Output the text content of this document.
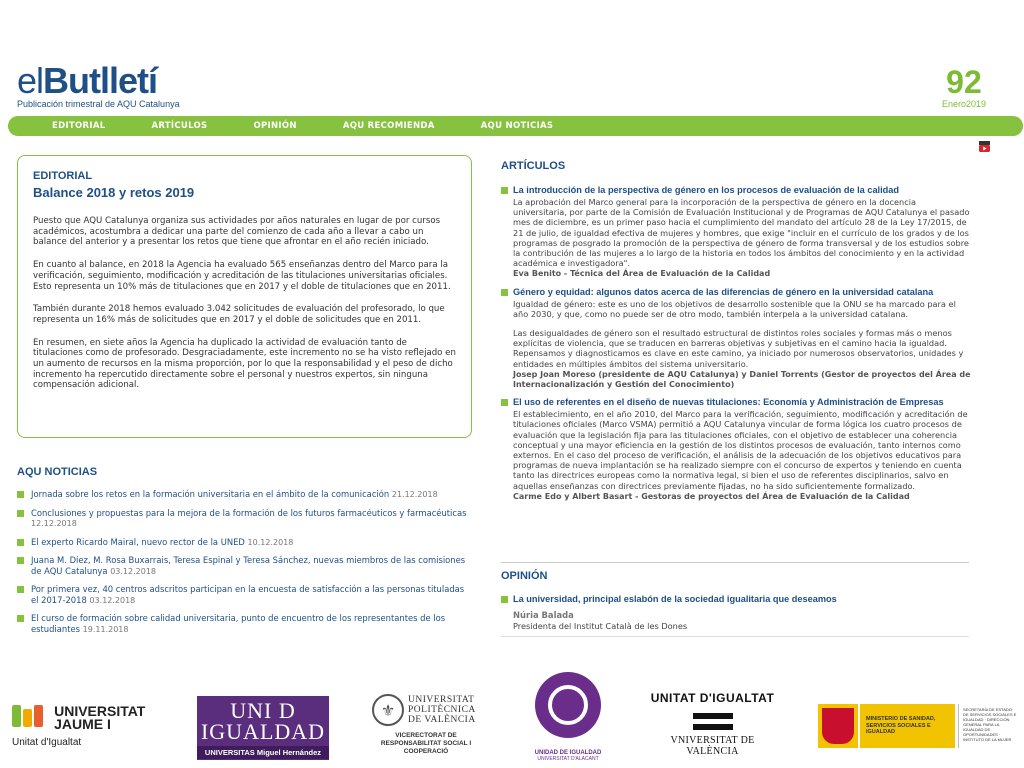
elButlletí
Publicación trimestral de AQU Catalunya
92
Enero2019
EDITORIAL	ARTÍCULOS	OPINIÓN	AQU RECOMIENDA	AQU NOTICIAS
EDITORIAL
Balance 2018 y retos 2019

Puesto que AQU Catalunya organiza sus actividades por años naturales en lugar de por cursos académicos, acostumbra a dedicar una parte del comienzo de cada año a llevar a cabo un balance del anterior y a presentar los retos que tiene que afrontar en el año recién iniciado.

En cuanto al balance, en 2018 la Agencia ha evaluado 565 enseñanzas dentro del Marco para la verificación, seguimiento, modificación y acreditación de las titulaciones universitarias oficiales. Esto representa un 10% más de titulaciones que en 2017 y el doble de titulaciones que en 2011.

También durante 2018 hemos evaluado 3.042 solicitudes de evaluación del profesorado, lo que representa un 16% más de solicitudes que en 2017 y el doble de solicitudes que en 2011.

En resumen, en siete años la Agencia ha duplicado la actividad de evaluación tanto de titulaciones como de profesorado. Desgraciadamente, este incremento no se ha visto reflejado en un aumento de recursos en la misma proporción, por lo que la responsabilidad y el peso de dicho incremento ha repercutido directamente sobre el personal y nuestros expertos, sin ninguna compensación adicional.

AQU NOTICIAS
Jornada sobre los retos en la formación universitaria en el ámbito de la comunicación 21.12.2018
Conclusiones y propuestas para la mejora de la formación de los futuros farmacéuticos y farmacéuticas 12.12.2018
El experto Ricardo Mairal, nuevo rector de la UNED 10.12.2018
Juana M. Díez, M. Rosa Buxarrais, Teresa Espinal y Teresa Sánchez, nuevas miembros de las comisiones de AQU Catalunya 03.12.2018
Por primera vez, 40 centros adscritos participan en la encuesta de satisfacción a las personas tituladas el 2017-2018 03.12.2018
El curso de formación sobre calidad universitaria, punto de encuentro de los representantes de los estudiantes 19.11.2018
ARTÍCULOS
La introducción de la perspectiva de género en los procesos de evaluación de la calidad
La aprobación del Marco general para la incorporación de la perspectiva de género en la docencia universitaria, por parte de la Comisión de Evaluación Institucional y de Programas de AQU Catalunya el pasado mes de diciembre, es un primer paso hacia el cumplimiento del mandato del artículo 28 de la Ley 17/2015, de 21 de julio, de igualdad efectiva de mujeres y hombres, que exige "incluir en el currículo de los grados y de los programas de posgrado la promoción de la perspectiva de género de forma transversal y de los estudios sobre la contribución de las mujeres a lo largo de la historia en todos los ámbitos del conocimiento y en la actividad académica e investigadora".
Eva Benito - Técnica del Área de Evaluación de la Calidad
Género y equidad: algunos datos acerca de las diferencias de género en la universidad catalana
Igualdad de género: este es uno de los objetivos de desarrollo sostenible que la ONU se ha marcado para el año 2030, y que, como no puede ser de otro modo, también interpela a la universidad catalana.
Las desigualdades de género son el resultado estructural de distintos roles sociales y formas más o menos explícitas de violencia, que se traducen en barreras objetivas y subjetivas en el camino hacia la igualdad. Repensamos y diagnosticamos es clave en este camino, ya iniciado por numerosos observatorios, unidades y entidades en múltiples ámbitos del sistema universitario.
Josep Joan Moreso (presidente de AQU Catalunya) y Daniel Torrents (Gestor de proyectos del Área de Internacionalización y Gestión del Conocimiento)
El uso de referentes en el diseño de nuevas titulaciones: Economía y Administración de Empresas
El establecimiento, en el año 2010, del Marco para la verificación, seguimiento, modificación y acreditación de titulaciones oficiales (Marco VSMA) permitió a AQU Catalunya vincular de forma lógica los cuatro procesos de evaluación que la legislación fija para las titulaciones oficiales, con el objetivo de establecer una coherencia conceptual y una mayor eficiencia en la gestión de los distintos procesos de evaluación, tanto internos como externos. En el caso del proceso de verificación, el análisis de la adecuación de los objetivos educativos para programas de nueva implantación se ha realizado siempre con el concurso de expertos y teniendo en cuenta tanto las directrices europeas como la normativa legal, si bien el uso de referentes disciplinarios, salvo en aquellas enseñanzas con directrices previamente fijadas, no ha sido suficientemente formalizado.
Carme Edo y Albert Basart - Gestoras de proyectos del Área de Evaluación de la Calidad
OPINIÓN
La universidad, principal eslabón de la sociedad igualitaria que deseamos
Núria Balada
Presidenta del Institut Català de les Dones

UNIVERSITAT
JAUME I
Unitat d'Igualtat
UNI D
IGUALDAD
UNIVERSITAS Miguel Hernández
⚜
UNIVERSITAT POLITÈCNICA DE VALÈNCIA
VICERECTORAT DE RESPONSABILITAT SOCIAL I COOPERACIÓ	UNIDAD DE IGUALDAD
UNIVERSITAT D'ALACANT
UNITAT D'IGUALTAT
VNIVERSITAT DE VALÈNCIA
MINISTERIO DE SANIDAD, SERVICIOS SOCIALES E IGUALDAD
SECRETARÍA DE ESTADO DE SERVICIOS SOCIALES E IGUALDAD · DIRECCIÓN GENERAL PARA LA IGUALDAD DE OPORTUNIDADES · INSTITUTO DE LA MUJER
